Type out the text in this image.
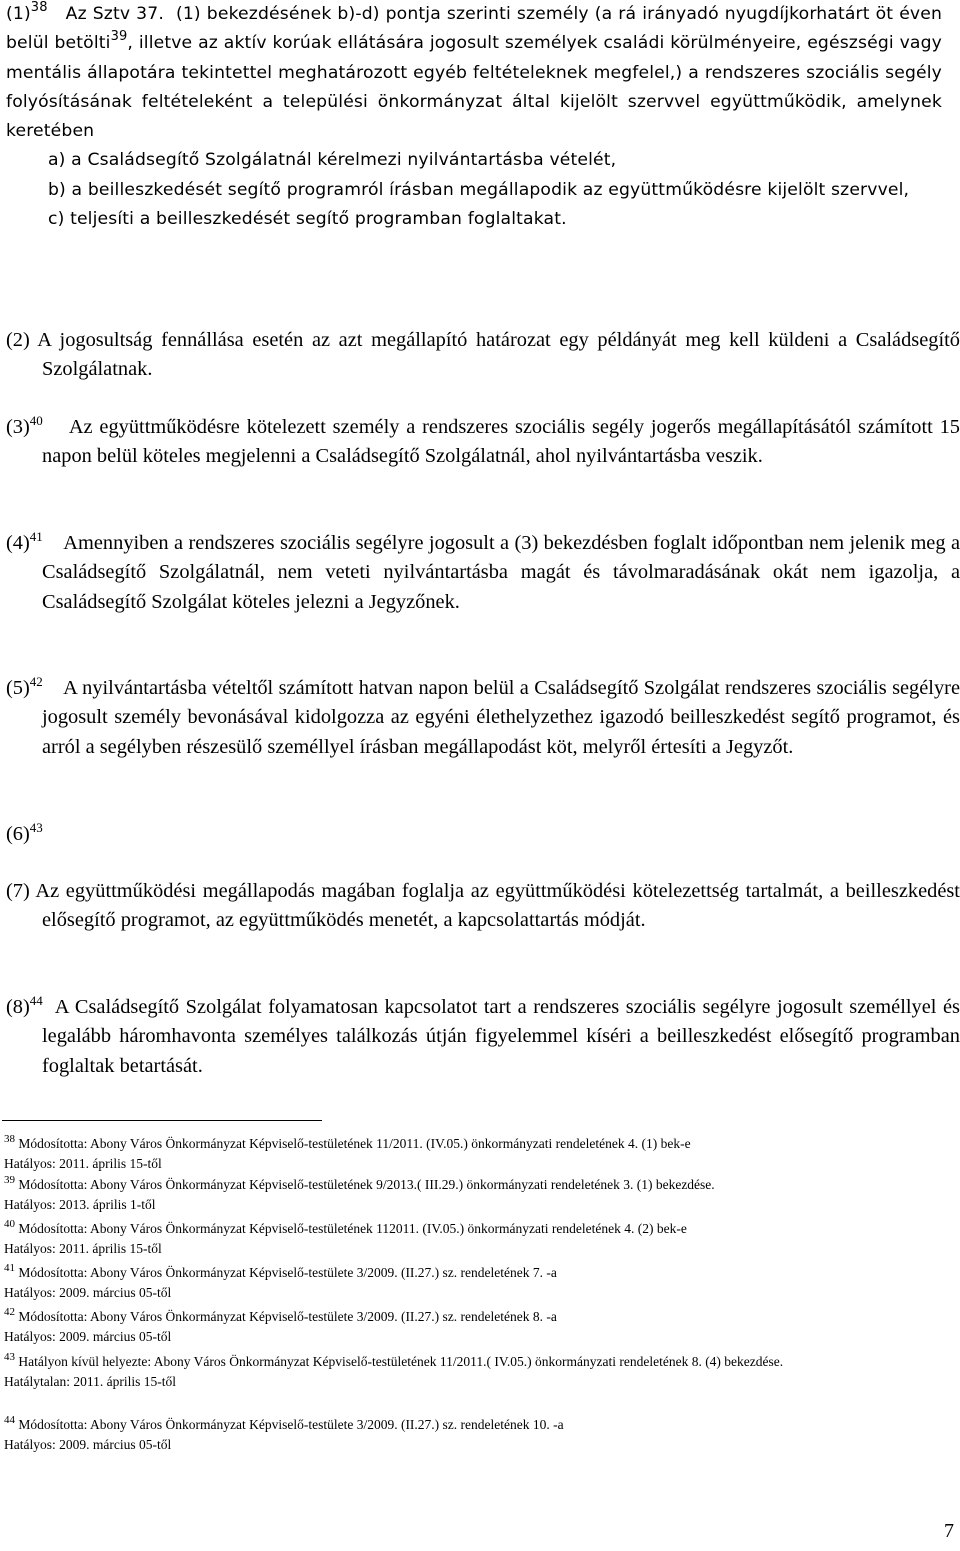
$(1)^{38}$ Az Sztv 37. (1) bekezdésének b)-d) pontja szerinti személy (a rá irányadó nyugdíjkorhatárt öt éven belül betölti$^{39}$, illetve az aktív korúak ellátására jogosult személyek családi körülményeire, egészségi vagy mentális állapotára tekintettel meghatározott egyéb feltételeknek megfelel,) a rendszeres szociális segély folyósításának feltételeként a települési önkormányzat által kijelölt szervvel együttműködik, amelynek keretében
a) a Családsegítő Szolgálatnál kérelmezi nyilvántartásba vételét,
b) a beilleszkedését segítő programról írásban megállapodik az együttműködésre kijelölt szervvel,
c) teljesíti a beilleszkedését segítő programban foglaltakat.
(2) A jogosultság fennállása esetén az azt megállapító határozat egy példányát meg kell küldeni a Családsegítő Szolgálatnak.
$(3)^{40}$ Az együttműködésre kötelezett személy a rendszeres szociális segély jogerős megállapításától számított 15 napon belül köteles megjelenni a Családsegítő Szolgálatnál, ahol nyilvántartásba veszik.
$(4)^{41}$ Amennyiben a rendszeres szociális segélyre jogosult a (3) bekezdésben foglalt időpontban nem jelenik meg a Családsegítő Szolgálatnál, nem veteti nyilvántartásba magát és távolmaradásának okát nem igazolja, a Családsegítő Szolgálat köteles jelezni a Jegyzőnek.
$(5)^{42}$ A nyilvántartásba vételtől számított hatvan napon belül a Családsegítő Szolgálat rendszeres szociális segélyre jogosult személy bevonásával kidolgozza az egyéni élethelyzethez igazodó beilleszkedést segítő programot, és arról a segélyben részesülő személlyel írásban megállapodást köt, melyről értesíti a Jegyzőt.
$(6)^{43}$
(7) Az együttműködési megállapodás magában foglalja az együttműködési kötelezettség tartalmát, a beilleszkedést elősegítő programot, az együttműködés menetét, a kapcsolattartás módját.
$(8)^{44}$ A Családsegítő Szolgálat folyamatosan kapcsolatot tart a rendszeres szociális segélyre jogosult személlyel és legalább háromhavonta személyes találkozás útján figyelemmel kíséri a beilleszkedést elősegítő programban foglaltak betartását.
$^{38}$ Módosította: Abony Város Önkormányzat Képviselő-testületének 11/2011. (IV.05.) önkormányzati rendeletének 4. (1) bek-e
Hatályos: 2011. április 15-től
$^{39}$ Módosította: Abony Város Önkormányzat Képviselő-testületének 9/2013.( III.29.) önkormányzati rendeletének 3. (1) bekezdése.
Hatályos: 2013. április 1-től
$^{40}$ Módosította: Abony Város Önkormányzat Képviselő-testületének 112011. (IV.05.) önkormányzati rendeletének 4. (2) bek-e
Hatályos: 2011. április 15-től
$^{41}$ Módosította: Abony Város Önkormányzat Képviselő-testülete 3/2009. (II.27.) sz. rendeletének 7. -a
Hatályos: 2009. március 05-től
$^{42}$ Módosította: Abony Város Önkormányzat Képviselő-testülete 3/2009. (II.27.) sz. rendeletének 8. -a
Hatályos: 2009. március 05-től
$^{43}$ Hatályon kívül helyezte: Abony Város Önkormányzat Képviselő-testületének 11/2011.( IV.05.) önkormányzati rendeletének 8. (4) bekezdése.
Hatálytalan: 2011. április 15-től
$^{44}$ Módosította: Abony Város Önkormányzat Képviselő-testülete 3/2009. (II.27.) sz. rendeletének 10. -a
Hatályos: 2009. március 05-től
7
